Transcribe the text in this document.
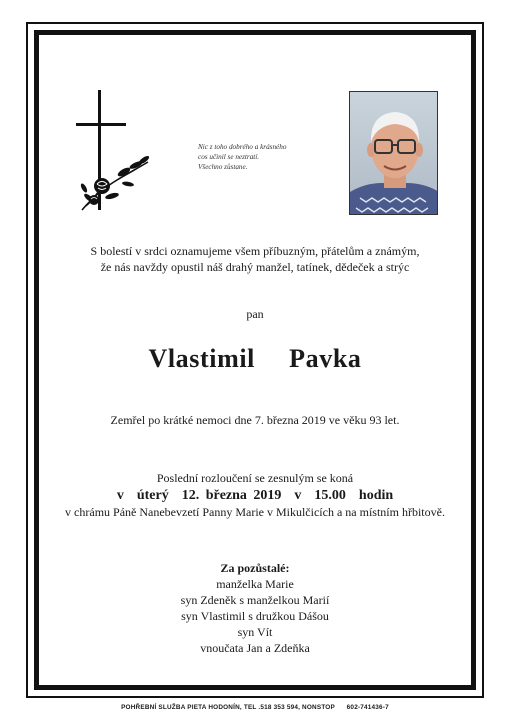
Nic z toho dobrého a krásného
cos učinil se neztratí.
Všechno zůstane.
S bolestí v srdci oznamujeme všem příbuzným, přátelům a známým,
že nás navždy opustil náš drahý manžel, tatínek, dědeček a strýc
pan
Vlastimil  Pavka
Zemřel po krátké nemoci dne 7. března 2019 ve věku 93 let.
Poslední rozloučení se zesnulým se koná
v  úterý  12. března 2019  v  15.00  hodin
v chrámu Páně Nanebevzetí Panny Marie v Mikulčicích a na místním hřbitově.
Za pozůstalé:
manželka Marie
syn Zdeněk s manželkou Marií
syn Vlastimil s družkou Dášou
syn Vít
vnoučata Jan a Zdeňka
POHŘEBNÍ SLUŽBA PIETA HODONÍN, TEL .518 353 594, NONSTOP      602-741436-7
